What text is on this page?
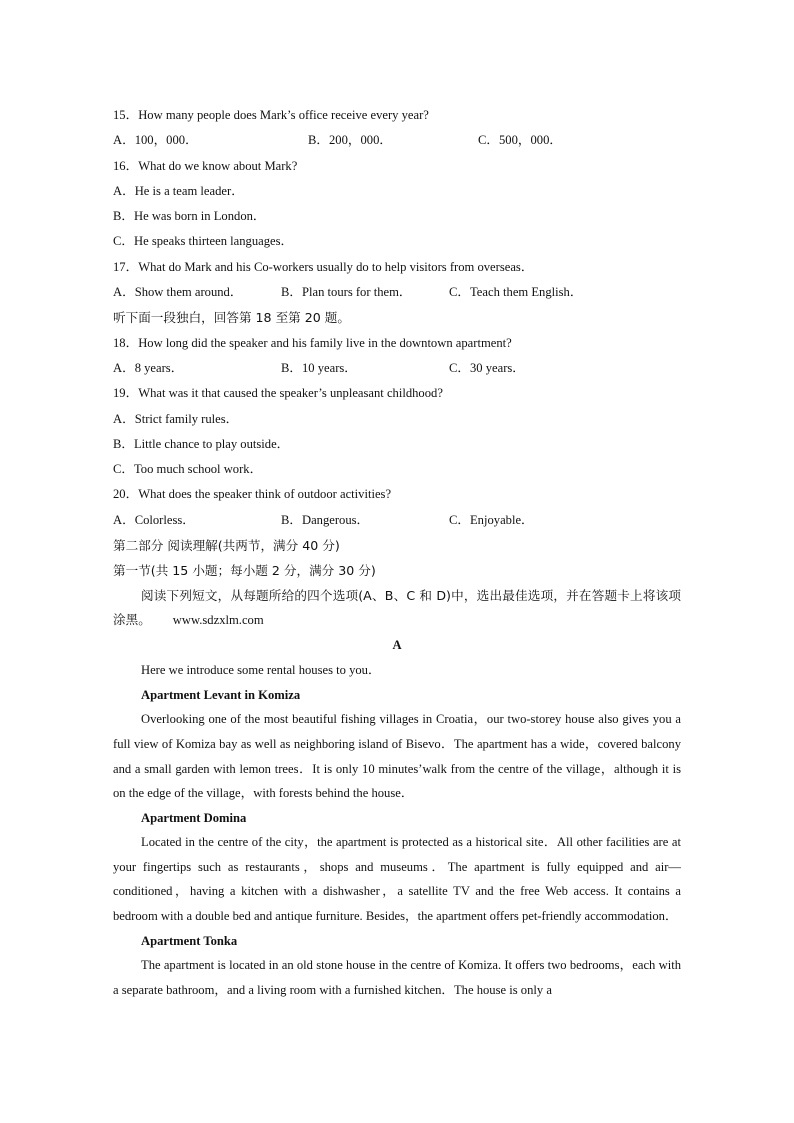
15．How many people does Mark’s office receive every year?
A．100，000．	B．200，000．	C．500，000．
16．What do we know about Mark?
A．He is a team leader．
B．He was born in London．
C．He speaks thirteen languages．
17．What do Mark and his Co-workers usually do to help visitors from overseas．
A．Show them around．	B．Plan tours for them．	C．Teach them English．
听下面一段独白，回答第 18 至第 20 题。
18．How long did the speaker and his family live in the downtown apartment?
A．8 years．	B．10 years．	C．30 years．
19．What was it that caused the speaker’s unpleasant childhood?
A．Strict family rules．
B．Little chance to play outside．
C．Too much school work．
20．What does the speaker think of outdoor activities?
A．Colorless．	B．Dangerous．	C．Enjoyable．
第二部分 阅读理解(共两节，满分 40 分)
第一节(共 15 小题；每小题 2 分，满分 30 分)

阅读下列短文，从每题所给的四个选项(A、B、C 和 D)中，选出最佳选项，并在答题卡上将该项涂黑。 www.sdzxlm.com

A
Here we introduce some rental houses to you．
Apartment Levant in Komiza

Overlooking one of the most beautiful fishing villages in Croatia，our two-storey house also gives you a full view of Komiza bay as well as neighboring island of Bisevo．The apartment has a wide，covered balcony and a small garden with lemon trees．It is only 10 minutes’walk from the centre of the village，although it is on the edge of the village，with forests behind the house．

Apartment Domina

Located in the centre of the city，the apartment is protected as a historical site．All other facilities are at your fingertips such as restaurants，shops and museums．The apartment is fully equipped and air—conditioned，having a kitchen with a dishwasher，a satellite TV and the free Web access. It contains a bedroom with a double bed and antique furniture. Besides，the apartment offers pet-friendly accommodation．

Apartment Tonka

The apartment is located in an old stone house in the centre of Komiza. It offers two bedrooms，each with a separate bathroom，and a living room with a furnished kitchen．The house is only a
